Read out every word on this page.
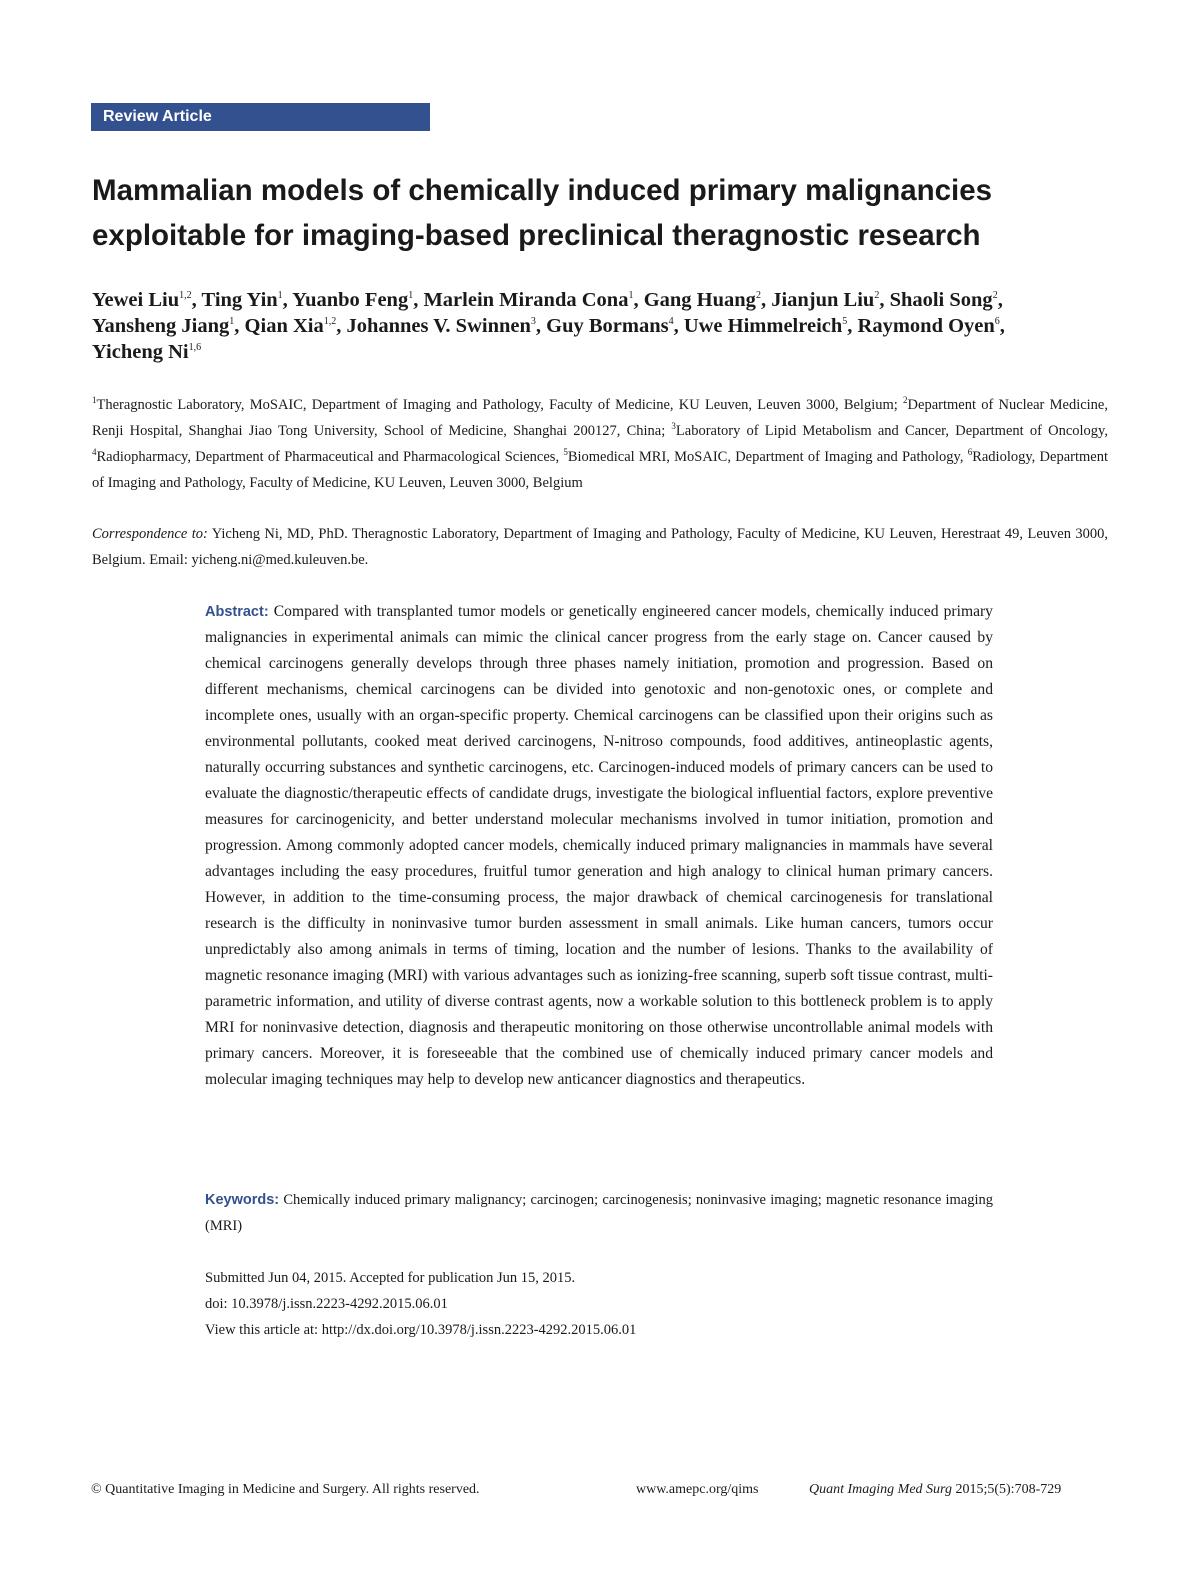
Review Article
Mammalian models of chemically induced primary malignancies exploitable for imaging-based preclinical theragnostic research

Yewei Liu$^{1,2}$, Ting Yin$^1$, Yuanbo Feng$^1$, Marlein Miranda Cona$^1$, Gang Huang$^2$, Jianjun Liu$^2$, Shaoli Song$^2$, Yansheng Jiang$^1$, Qian Xia$^{1,2}$, Johannes V. Swinnen$^3$, Guy Bormans$^4$, Uwe Himmelreich$^5$, Raymond Oyen$^6$, Yicheng Ni$^{1,6}$

$^1$Theragnostic Laboratory, MoSAIC, Department of Imaging and Pathology, Faculty of Medicine, KU Leuven, Leuven 3000, Belgium; $^2$Department of Nuclear Medicine, Renji Hospital, Shanghai Jiao Tong University, School of Medicine, Shanghai 200127, China; $^3$Laboratory of Lipid Metabolism and Cancer, Department of Oncology, $^4$Radiopharmacy, Department of Pharmaceutical and Pharmacological Sciences, $^5$Biomedical MRI, MoSAIC, Department of Imaging and Pathology, $^6$Radiology, Department of Imaging and Pathology, Faculty of Medicine, KU Leuven, Leuven 3000, Belgium

Correspondence to: Yicheng Ni, MD, PhD. Theragnostic Laboratory, Department of Imaging and Pathology, Faculty of Medicine, KU Leuven, Herestraat 49, Leuven 3000, Belgium. Email: yicheng.ni@med.kuleuven.be.

Abstract: Compared with transplanted tumor models or genetically engineered cancer models, chemically induced primary malignancies in experimental animals can mimic the clinical cancer progress from the early stage on. Cancer caused by chemical carcinogens generally develops through three phases namely initiation, promotion and progression. Based on different mechanisms, chemical carcinogens can be divided into genotoxic and non-genotoxic ones, or complete and incomplete ones, usually with an organ-specific property. Chemical carcinogens can be classified upon their origins such as environmental pollutants, cooked meat derived carcinogens, N-nitroso compounds, food additives, antineoplastic agents, naturally occurring substances and synthetic carcinogens, etc. Carcinogen-induced models of primary cancers can be used to evaluate the diagnostic/therapeutic effects of candidate drugs, investigate the biological influential factors, explore preventive measures for carcinogenicity, and better understand molecular mechanisms involved in tumor initiation, promotion and progression. Among commonly adopted cancer models, chemically induced primary malignancies in mammals have several advantages including the easy procedures, fruitful tumor generation and high analogy to clinical human primary cancers. However, in addition to the time-consuming process, the major drawback of chemical carcinogenesis for translational research is the difficulty in noninvasive tumor burden assessment in small animals. Like human cancers, tumors occur unpredictably also among animals in terms of timing, location and the number of lesions. Thanks to the availability of magnetic resonance imaging (MRI) with various advantages such as ionizing-free scanning, superb soft tissue contrast, multi-parametric information, and utility of diverse contrast agents, now a workable solution to this bottleneck problem is to apply MRI for noninvasive detection, diagnosis and therapeutic monitoring on those otherwise uncontrollable animal models with primary cancers. Moreover, it is foreseeable that the combined use of chemically induced primary cancer models and molecular imaging techniques may help to develop new anticancer diagnostics and therapeutics.

Keywords: Chemically induced primary malignancy; carcinogen; carcinogenesis; noninvasive imaging; magnetic resonance imaging (MRI)

Submitted Jun 04, 2015. Accepted for publication Jun 15, 2015.
doi: 10.3978/j.issn.2223-4292.2015.06.01
View this article at: http://dx.doi.org/10.3978/j.issn.2223-4292.2015.06.01

© Quantitative Imaging in Medicine and Surgery. All rights reserved.	www.amepc.org/qims	Quant Imaging Med Surg 2015;5(5):708-729
